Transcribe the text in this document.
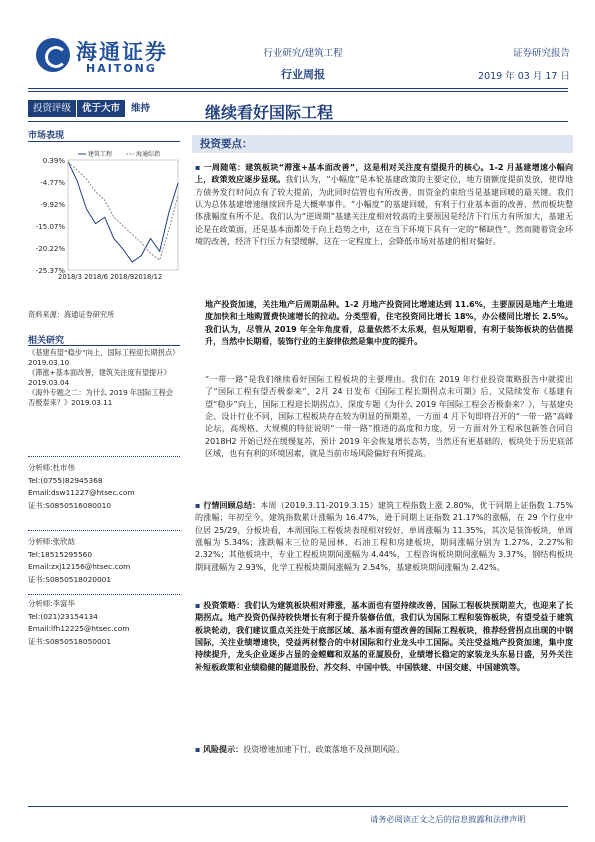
海通证券
HAITONG
行业研究/建筑工程
行业周报
证券研究报告
2019 年 03 月 17 日
投资评级	优于大市	维持	继续看好国际工程
市场表现
0.39%
-4.77%
-9.92%
-15.07%
-20.22%
-25.37%
2018/3 2018/6 2018/92018/12
建筑工程	海通综指
资料来源：海通证券研究所
相关研究
《基建有望“稳步”向上，国际工程迎长期拐点》2019.03.10
《滞涨+基本面改善，建筑关注度有望提升》2019.03.04
《海外专题之二：为什么 2019 年国际工程会否极泰来？》2019.03.11
分析师:杜市伟
Tel:(0755)82945368
Email:dsw11227@htsec.com
证书:S0850516080010
分析师:张欣劼
Tel:18515295560
Email:zxj12156@htsec.com
证书:S0850518020001
分析师:李富华
Tel:(021)23154134
Email:lfh12225@htsec.com
证书:S0850518050001
投资要点：
▪ 一周随笔：建筑板块“滞涨+基本面改善”，这是相对关注度有望提升的核心。1-2 月基建增速小幅向上，政策效应逐步显现。我们认为，“小幅度”是本轮基建政策的主要定位，地方债额度提前发放，使得地方债务发行时间点有了较大提前，为此同时信管也有所改善，而资金约束给当是基建回暖的最关键。我们认为总体基建增速继续回升是大概率事件。“小幅度”的基建回暖，有利于行业基本面的改善，然而板块整体涨幅度有所不足。我们认为“逆周期”基建关注度相对较高的主要原因是经济下行压力有所加大，基建无论是在政策面，还是基本面都处于向上趋势之中，这在当下环境下具有一定的“稀缺性”，然而随着资金环境的改善，经济下行压力有望缓解，这在一定程度上，会降低市场对基建的相对偏好。
地产投资加速，关注地产后周期品种。1-2 月地产投资同比增速达到 11.6%，主要原因是地产土地进度加快和土地购置费快速增长的拉动。分类型看，住宅投资同比增长 18%，办公楼同比增长 2.5%。我们认为，尽管从 2019 年全年角度看，总量依然不太乐观，但从短期看，有利于装饰板块的估值提升，当然中长期看，装饰行业的主旋律依然是集中度的提升。
“一带一路”是我们继续看好国际工程板块的主要理由。我们在 2019 年行业投资策略报告中就提出了“国际工程有望否极泰来”，2月 24 日发布《国际工程长期拐点未可期》后，又陆续发布《基建有望“稳步”向上，国际工程迎长期拐点》、深度专题《为什么 2019 年国际工程会否极泰来？》，与基建央企、设计行业不同，国际工程板块存在较为明显的预期差，一方面 4 月下旬即将召开的“一带一路”高峰论坛，高规格、大规模的特征说明“一带一路”推进的高度和力度，另一方面对外工程承包新签合同自 2018H2 开始已经在缓慢复苏，预计 2019 年会恢复增长态势，当然还有更基础的，板块处于历史底部区域，也有有利的环境因素，就是当前市场风险偏好有所提高。
▪ 行情回顾总结：本周（2019.3.11-2019.3.15）建筑工程指数上涨 2.80%，优于同期上证指数 1.75%的涨幅；年初至今，建筑指数累计涨幅为 16.47%，逊于同期上证指数 21.17%的涨幅，在 29 个行业中位居 25/29，分板块看，本周国际工程板块表现相对较好，单周涨幅为 11.35%，其次是装饰板块，单周涨幅为 5.34%；涨跌幅末三位的是园林、石油工程和房建板块，期间涨幅分别为 1.27%、2.27%和 2.32%；其他板块中，专业工程板块期间涨幅为 4.44%，工程咨询板块期间涨幅为 3.37%，钢结构板块期间涨幅为 2.93%，化学工程板块期间涨幅为 2.54%，基建板块期间涨幅为 2.42%。
▪ 投资策略：我们认为建筑板块相对滞涨，基本面也有望持续改善，国际工程板块预期差大，也迎来了长期拐点。地产投资仍保持较快增长有利于提升装修估值，我们认为国际工程和装饰板块，有望受益于建筑板块轮动，我们建议重点关注处于底部区域、基本面有望改善的国际工程板块，推荐经营拐点出现的中钢国际，关注业绩增速快，受益两材整合的中材国际和行业龙头中工国际。关注受益地产投资加速，集中度持续提升，龙头企业逐步占显的金螳螂和双基的亚厦股份，业绩增长稳定的家装龙头东易日盛，另外关注补短板政策和业绩稳健的隧道股份、苏交科、中国中铁、中国铁建、中国交建、中国建筑等。
▪ 风险提示：投资增速加速下行、政策落地不及预期风险。
请务必阅读正文之后的信息披露和法律声明
